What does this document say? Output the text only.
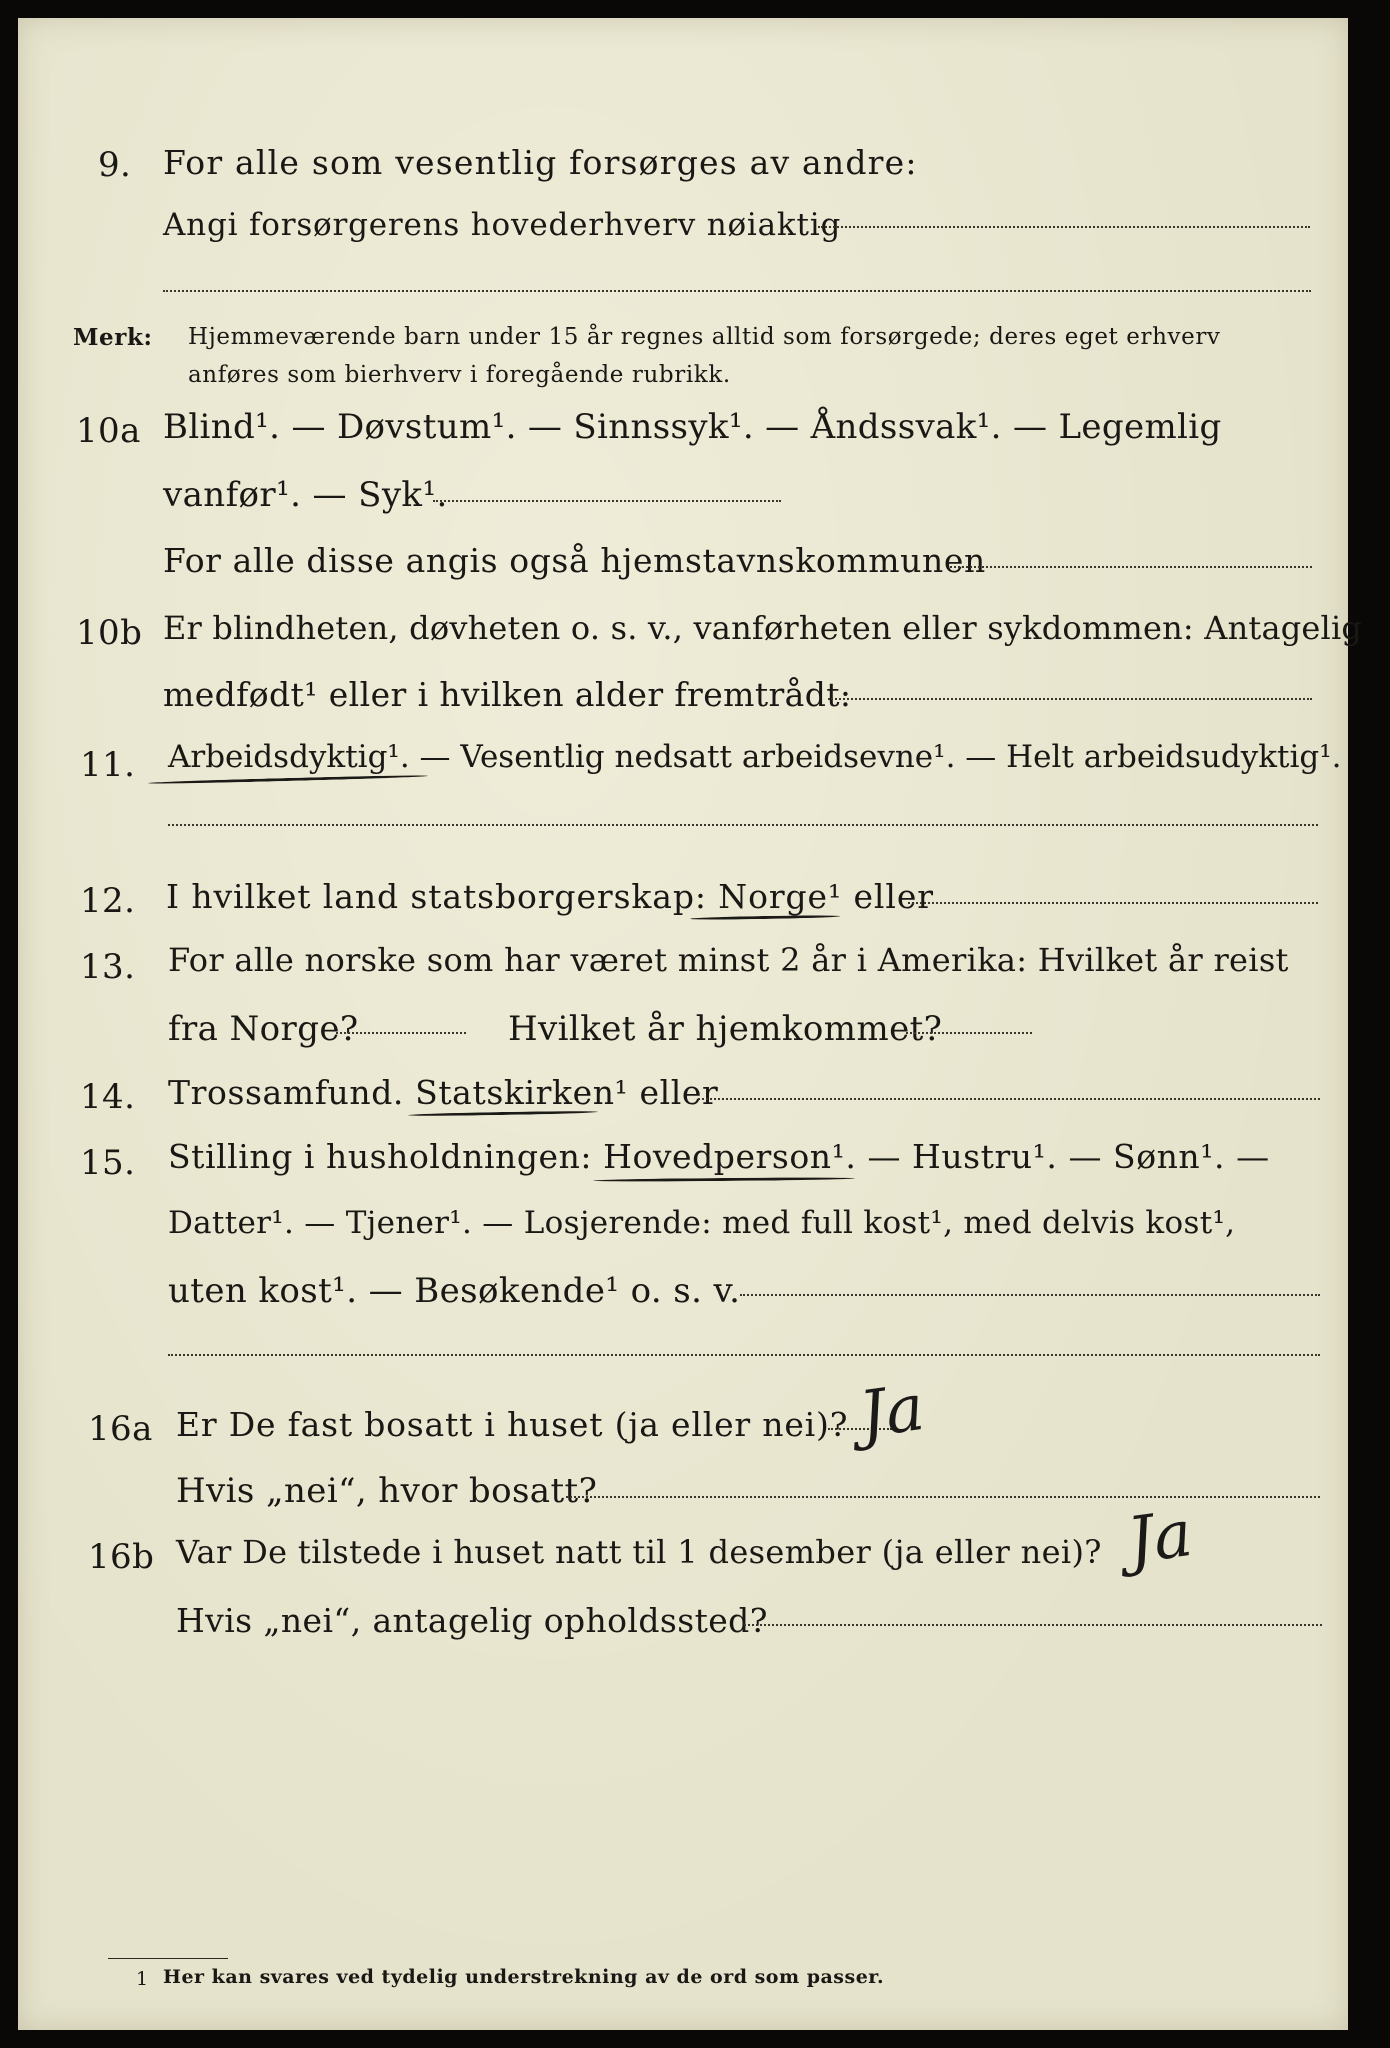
9. For alle som vesentlig forsørges av andre:
Angi forsørgerens hovederhverv nøiaktig
Merk: Hjemmeværende barn under 15 år regnes alltid som forsørgede; deres eget erhverv
anføres som bierhverv i foregående rubrikk.
10a Blind¹. — Døvstum¹. — Sinnssyk¹. — Åndssvak¹. — Legemlig
vanfør¹. — Syk¹.
For alle disse angis også hjemstavnskommunen
10b Er blindheten, døvheten o. s. v., vanførheten eller sykdommen: Antagelig
medfødt¹ eller i hvilken alder fremtrådt:
11. Arbeidsdyktig¹. — Vesentlig nedsatt arbeidsevne¹. — Helt arbeidsudyktig¹.
12. I hvilket land statsborgerskap: Norge¹ eller
13. For alle norske som har været minst 2 år i Amerika: Hvilket år reist
fra Norge?	Hvilket år hjemkommet?
14. Trossamfund. Statskirken¹ eller
15. Stilling i husholdningen: Hovedperson¹. — Hustru¹. — Sønn¹. —
Datter¹. — Tjener¹. — Losjerende: med full kost¹, med delvis kost¹,
uten kost¹. — Besøkende¹ o. s. v.
16a Er De fast bosatt i huset (ja eller nei)? Ja
Hvis „nei“, hvor bosatt?
16b Var De tilstede i huset natt til 1 desember (ja eller nei)? Ja
Hvis „nei“, antagelig opholdssted?
1 Her kan svares ved tydelig understrekning av de ord som passer.
